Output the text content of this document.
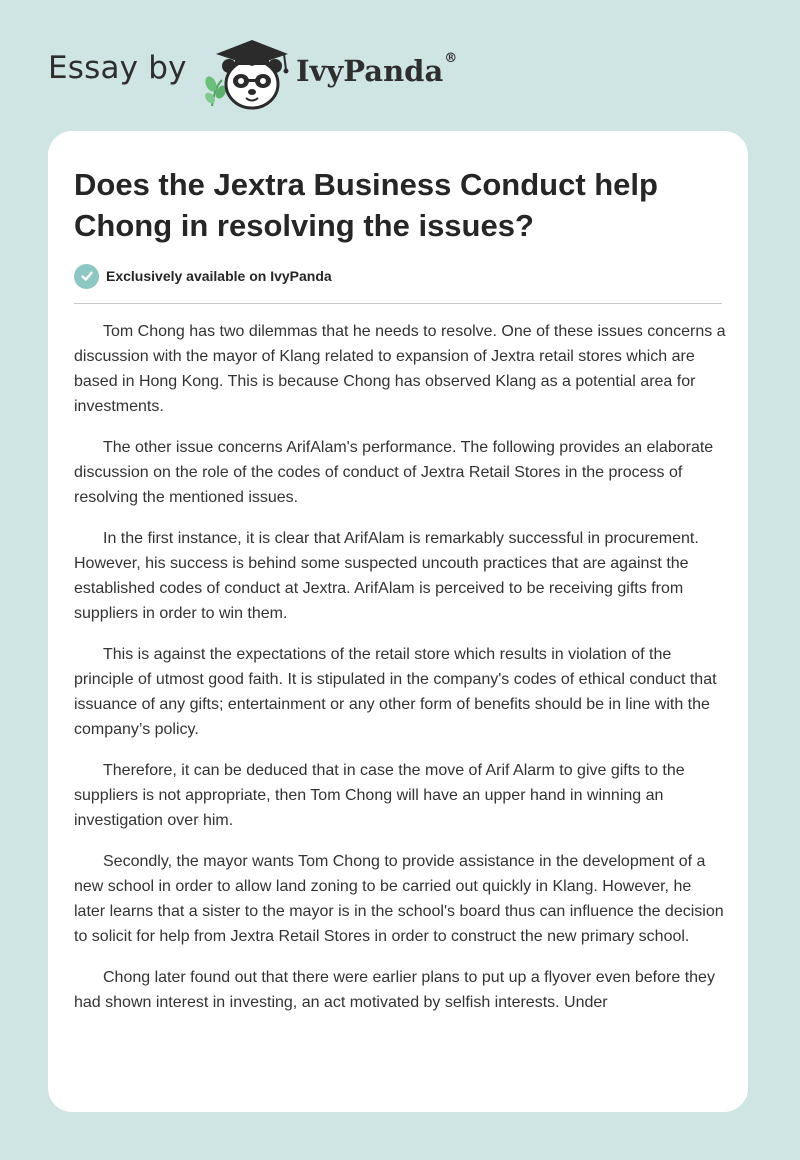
Essay by	IvyPanda®
Does the Jextra Business Conduct help Chong in resolving the issues?
Exclusively available on IvyPanda

Tom Chong has two dilemmas that he needs to resolve. One of these issues concerns a discussion with the mayor of Klang related to expansion of Jextra retail stores which are based in Hong Kong. This is because Chong has observed Klang as a potential area for investments.

The other issue concerns ArifAlam's performance. The following provides an elaborate discussion on the role of the codes of conduct of Jextra Retail Stores in the process of resolving the mentioned issues.

In the first instance, it is clear that ArifAlam is remarkably successful in procurement. However, his success is behind some suspected uncouth practices that are against the established codes of conduct at Jextra. ArifAlam is perceived to be receiving gifts from suppliers in order to win them.

This is against the expectations of the retail store which results in violation of the principle of utmost good faith. It is stipulated in the company's codes of ethical conduct that issuance of any gifts; entertainment or any other form of benefits should be in line with the company’s policy.

Therefore, it can be deduced that in case the move of Arif Alarm to give gifts to the suppliers is not appropriate, then Tom Chong will have an upper hand in winning an investigation over him.

Secondly, the mayor wants Tom Chong to provide assistance in the development of a new school in order to allow land zoning to be carried out quickly in Klang. However, he later learns that a sister to the mayor is in the school's board thus can influence the decision to solicit for help from Jextra Retail Stores in order to construct the new primary school.

Chong later found out that there were earlier plans to put up a flyover even before they had shown interest in investing, an act motivated by selfish interests. Under
